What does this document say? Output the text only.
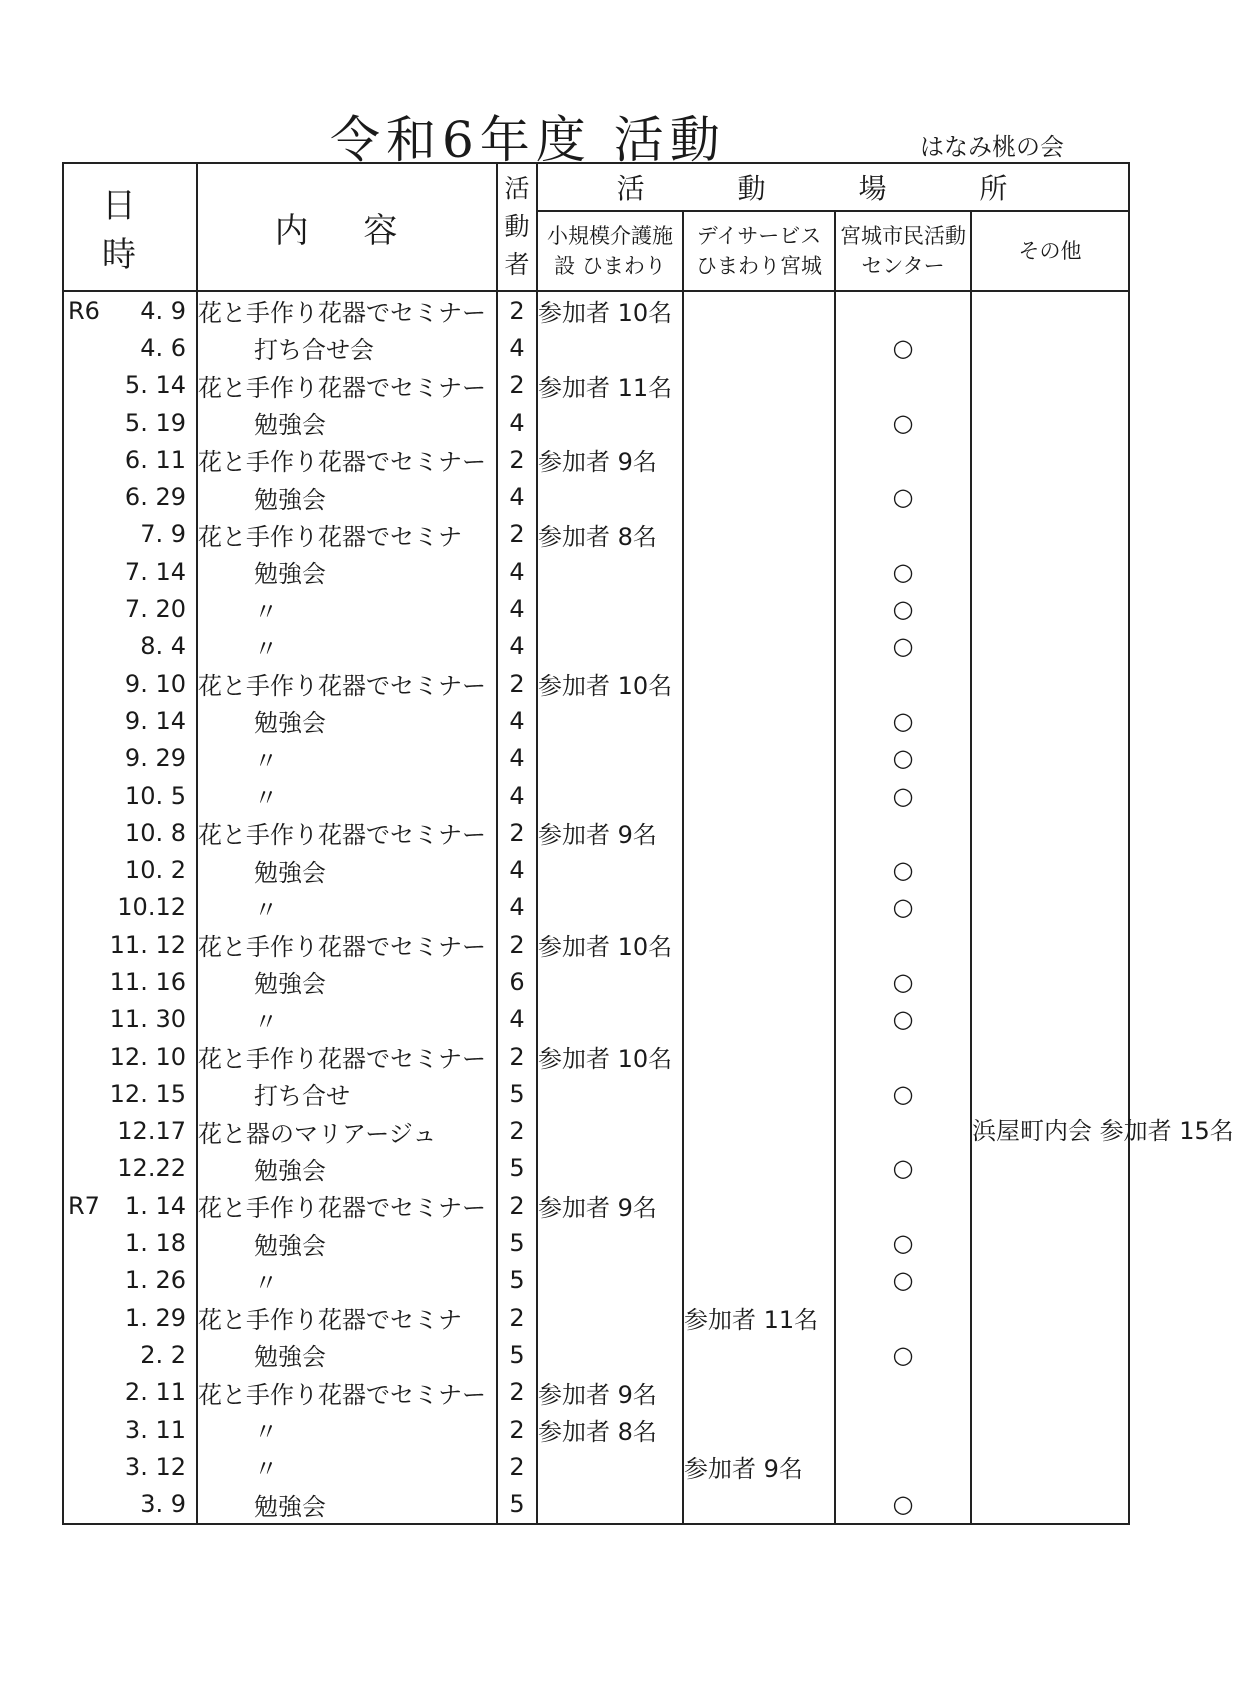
令和6年度 活動	はなみ桃の会
日 時	内 容	活動者	活 動 場 所			
			小規模介護施設 ひまわり	デイサービス ひまわり宮城	宮城市民活動センター	その他

R6 4. 9	花と手作り花器でセミナー	2	参加者 10名			

4. 6	打ち合せ会	4			○	

5. 14	花と手作り花器でセミナー	2	参加者 11名			

5. 19	勉強会	4			○	

6. 11	花と手作り花器でセミナー	2	参加者 9名			

6. 29	勉強会	4			○	

7. 9	花と手作り花器でセミナ	2	参加者 8名			

7. 14	勉強会	4			○	

7. 20	〃	4			○	

8. 4	〃	4			○	

9. 10	花と手作り花器でセミナー	2	参加者 10名			

9. 14	勉強会	4			○	

9. 29	〃	4			○	

10. 5	〃	4			○	

10. 8	花と手作り花器でセミナー	2	参加者 9名			

10. 2	勉強会	4			○	

10.12	〃	4			○	

11. 12	花と手作り花器でセミナー	2	参加者 10名			

11. 16	勉強会	6			○	

11. 30	〃	4			○	

12. 10	花と手作り花器でセミナー	2	参加者 10名			

12. 15	打ち合せ	5			○	

12.17	花と器のマリアージュ	2				浜屋町内会 参加者 15名

12.22	勉強会	5			○	

R7 1. 14	花と手作り花器でセミナー	2	参加者 9名			

1. 18	勉強会	5			○	

1. 26	〃	5			○	

1. 29	花と手作り花器でセミナ	2		参加者 11名		

2. 2	勉強会	5			○	

2. 11	花と手作り花器でセミナー	2	参加者 9名			

3. 11	〃	2	参加者 8名			

3. 12	〃	2		参加者 9名		

3. 9	勉強会	5			○	
